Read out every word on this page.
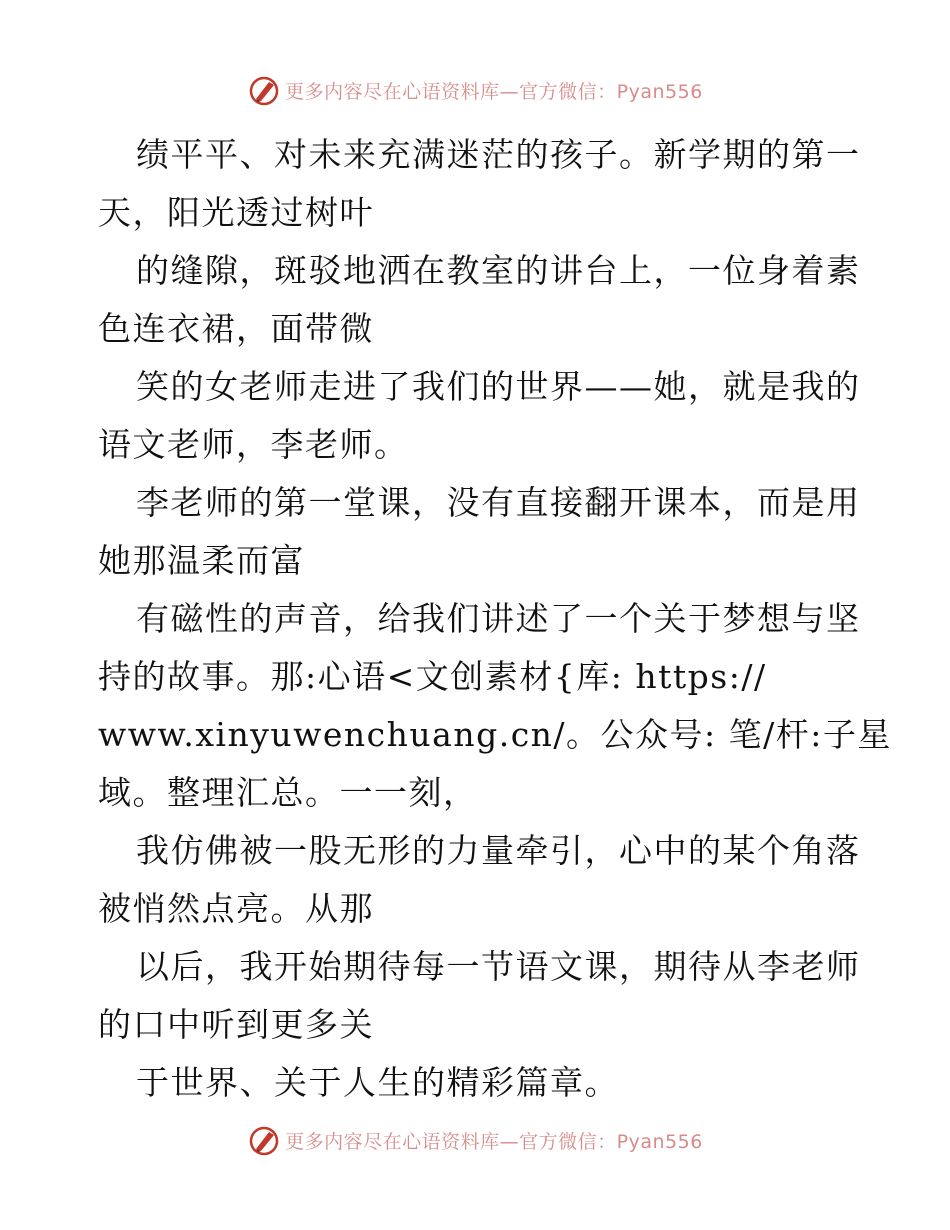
更多内容尽在心语资料库—官方微信：Pyan556
绩平平、对未来充满迷茫的孩子。新学期的第一
天，阳光透过树叶
的缝隙，斑驳地洒在教室的讲台上，一位身着素
色连衣裙，面带微
笑的女老师走进了我们的世界——她，就是我的
语文老师，李老师。
李老师的第一堂课，没有直接翻开课本，而是用
她那温柔而富
有磁性的声音，给我们讲述了一个关于梦想与坚
持的故事。那:心语<文创素材{库: https://
www.xinyuwenchuang.cn/。公众号: 笔/杆:子星
域。整理汇总。一一刻，
我仿佛被一股无形的力量牵引，心中的某个角落
被悄然点亮。从那
以后，我开始期待每一节语文课，期待从李老师
的口中听到更多关
于世界、关于人生的精彩篇章。
更多内容尽在心语资料库—官方微信：Pyan556
